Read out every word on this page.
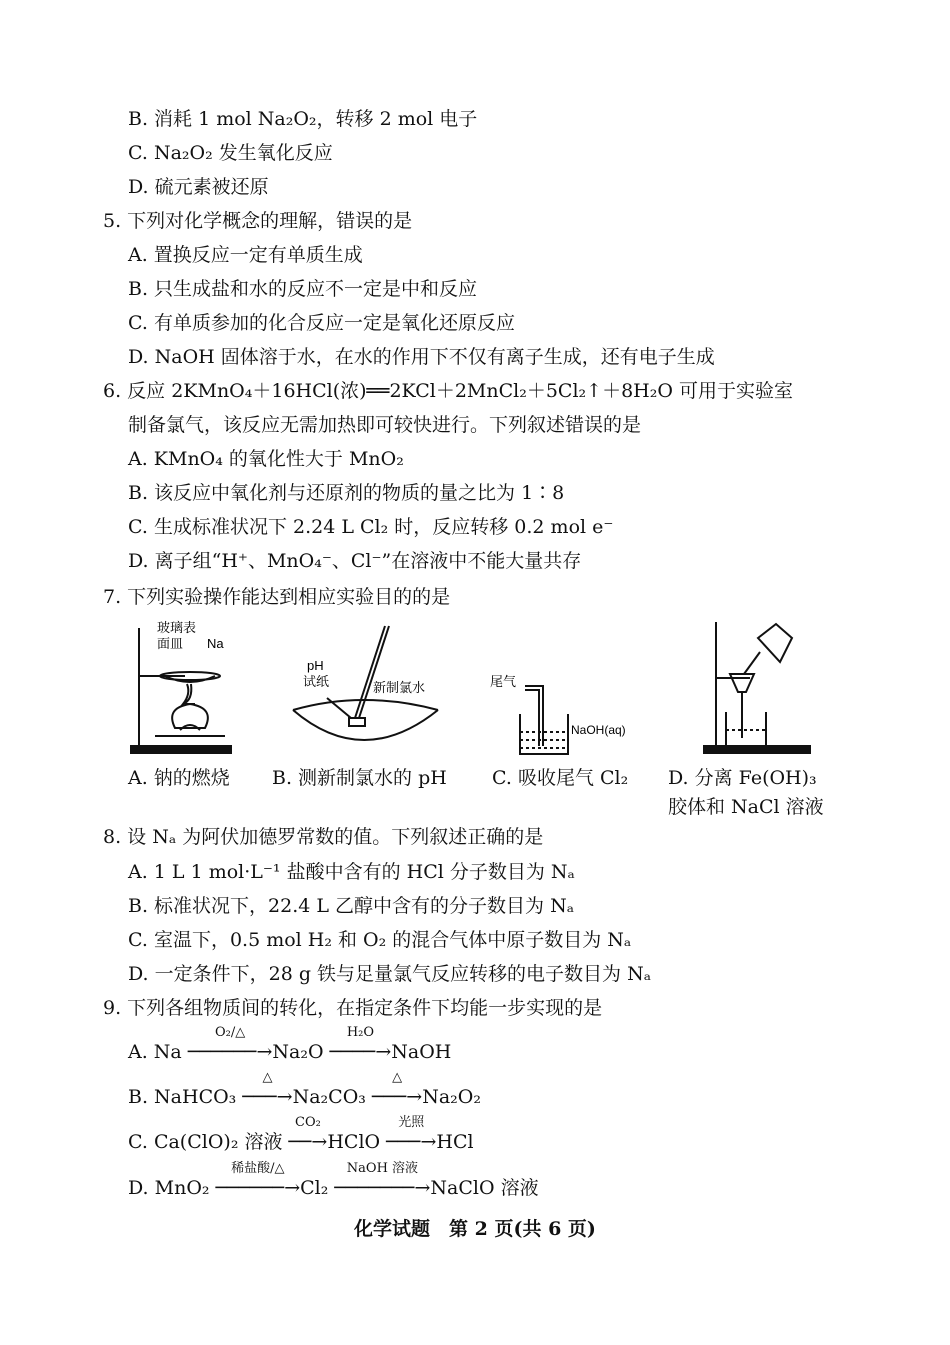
B. 消耗 1 mol Na₂O₂，转移 2 mol 电子
C. Na₂O₂ 发生氧化反应
D. 硫元素被还原
5. 下列对化学概念的理解，错误的是
A. 置换反应一定有单质生成
B. 只生成盐和水的反应不一定是中和反应
C. 有单质参加的化合反应一定是氧化还原反应
D. NaOH 固体溶于水，在水的作用下不仅有离子生成，还有电子生成
6. 反应 2KMnO₄＋16HCl(浓)══2KCl＋2MnCl₂＋5Cl₂↑＋8H₂O 可用于实验室
制备氯气，该反应无需加热即可较快进行。下列叙述错误的是
A. KMnO₄ 的氧化性大于 MnO₂
B. 该反应中氧化剂与还原剂的物质的量之比为 1∶8
C. 生成标准状况下 2.24 L Cl₂ 时，反应转移 0.2 mol e⁻
D. 离子组“H⁺、MnO₄⁻、Cl⁻”在溶液中不能大量共存
7. 下列实验操作能达到相应实验目的的是
玻璃表
面皿 Na
pH
试纸	新制氯水	尾气
NaOH(aq)
A. 钠的燃烧 B. 测新制氯水的 pH C. 吸收尾气 Cl₂ D. 分离 Fe(OH)₃
胶体和 NaCl 溶液
8. 设 Nₐ 为阿伏加德罗常数的值。下列叙述正确的是
A. 1 L 1 mol·L⁻¹ 盐酸中含有的 HCl 分子数目为 Nₐ
B. 标准状况下，22.4 L 乙醇中含有的分子数目为 Nₐ
C. 室温下，0.5 mol H₂ 和 O₂ 的混合气体中原子数目为 Nₐ
D. 一定条件下，28 g 铁与足量氯气反应转移的电子数目为 Nₐ
9. 下列各组物质间的转化，在指定条件下均能一步实现的是
A. Na
O₂/△
──────→Na₂O
H₂O
────→NaOH
B. NaHCO₃
△
───→Na₂CO₃
△
───→Na₂O₂
C. Ca(ClO)₂ 溶液
CO₂
──→HClO
光照
───→HCl
D. MnO₂
稀盐酸/△
──────→Cl₂
NaOH 溶液
───────→NaClO 溶液
化学试题　第 2 页(共 6 页)
